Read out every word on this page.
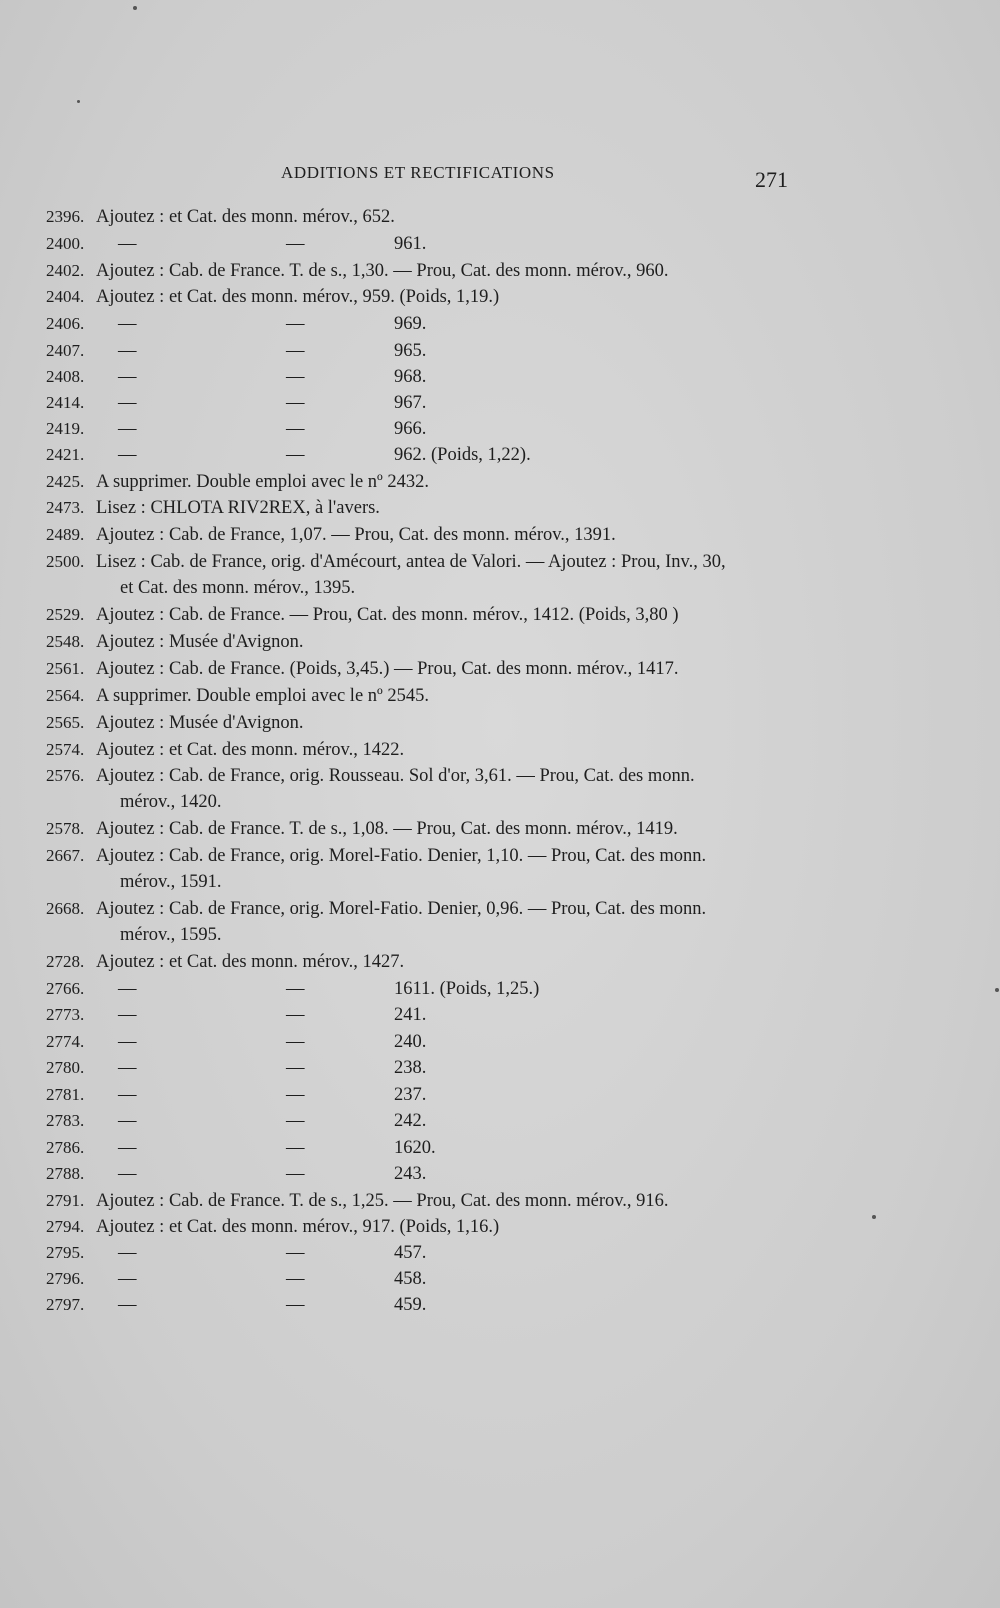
ADDITIONS ET RECTIFICATIONS	271
2396. Ajoutez : et Cat. des monn. mérov., 652.
2400. —	—	961.
2402. Ajoutez : Cab. de France. T. de s., 1,30. — Prou, Cat. des monn. mérov., 960.
2404. Ajoutez : et Cat. des monn. mérov., 959. (Poids, 1,19.)
2406. —	—	969.
2407. —	—	965.
2408. —	—	968.
2414. —	—	967.
2419. —	—	966.
2421. —	—	962. (Poids, 1,22).
2425. A supprimer. Double emploi avec le nº 2432.
2473. Lisez : CHLOTA RIV2REX, à l'avers.
2489. Ajoutez : Cab. de France, 1,07. — Prou, Cat. des monn. mérov., 1391.
2500. Lisez : Cab. de France, orig. d'Amécourt, antea de Valori. — Ajoutez : Prou, Inv., 30,
et Cat. des monn. mérov., 1395.
2529. Ajoutez : Cab. de France. — Prou, Cat. des monn. mérov., 1412. (Poids, 3,80 )
2548. Ajoutez : Musée d'Avignon.
2561. Ajoutez : Cab. de France. (Poids, 3,45.) — Prou, Cat. des monn. mérov., 1417.
2564. A supprimer. Double emploi avec le nº 2545.
2565. Ajoutez : Musée d'Avignon.
2574. Ajoutez : et Cat. des monn. mérov., 1422.
2576. Ajoutez : Cab. de France, orig. Rousseau. Sol d'or, 3,61. — Prou, Cat. des monn.
mérov., 1420.
2578. Ajoutez : Cab. de France. T. de s., 1,08. — Prou, Cat. des monn. mérov., 1419.
2667. Ajoutez : Cab. de France, orig. Morel-Fatio. Denier, 1,10. — Prou, Cat. des monn.
mérov., 1591.
2668. Ajoutez : Cab. de France, orig. Morel-Fatio. Denier, 0,96. — Prou, Cat. des monn.
mérov., 1595.
2728. Ajoutez : et Cat. des monn. mérov., 1427.
2766. —	—	1611. (Poids, 1,25.)
2773. —	—	241.
2774. —	—	240.
2780. —	—	238.
2781. —	—	237.
2783. —	—	242.
2786. —	—	1620.
2788. —	—	243.
2791. Ajoutez : Cab. de France. T. de s., 1,25. — Prou, Cat. des monn. mérov., 916.
2794. Ajoutez : et Cat. des monn. mérov., 917. (Poids, 1,16.)
2795. —	—	457.
2796. —	—	458.
2797. —	—	459.
